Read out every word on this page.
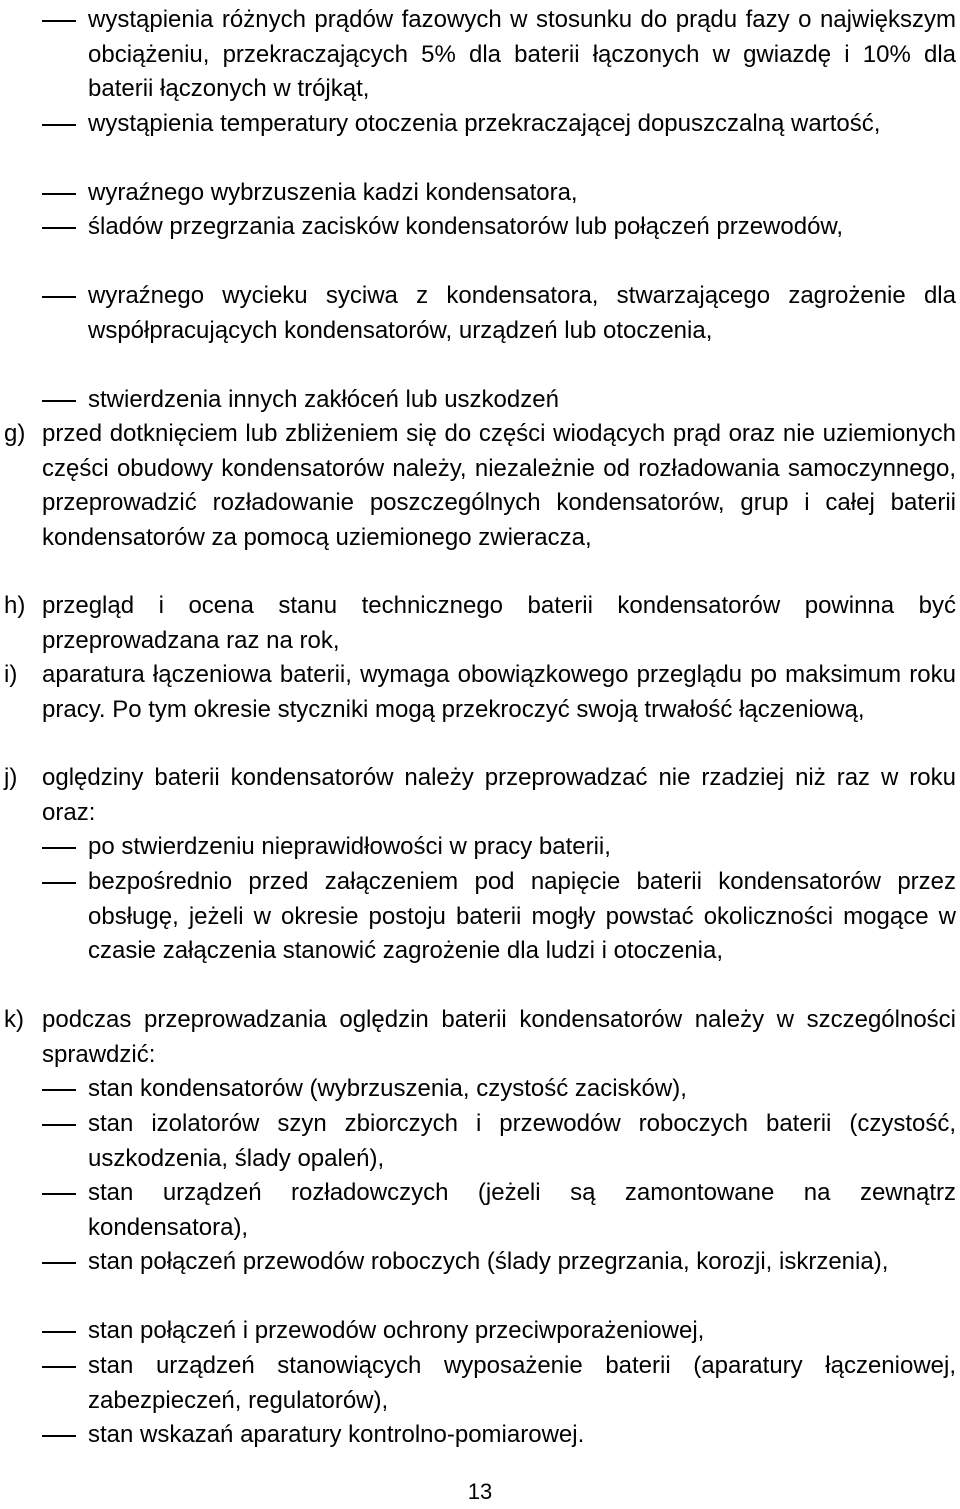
wystąpienia różnych prądów fazowych w stosunku do prądu fazy o największym obciążeniu, przekraczających 5% dla baterii łączonych w gwiazdę i 10% dla baterii łączonych w trójkąt,

wystąpienia temperatury otoczenia przekraczającej dopuszczalną wartość,

wyraźnego wybrzuszenia kadzi kondensatora,

śladów przegrzania zacisków kondensatorów lub połączeń przewodów,

wyraźnego wycieku syciwa z kondensatora, stwarzającego zagrożenie dla współpracujących kondensatorów, urządzeń lub otoczenia,

stwierdzenia innych zakłóceń lub uszkodzeń

g) przed dotknięciem lub zbliżeniem się do części wiodących prąd oraz nie uziemionych części obudowy kondensatorów należy, niezależnie od rozładowania samoczynnego, przeprowadzić rozładowanie poszczególnych kondensatorów, grup i całej baterii kondensatorów za pomocą uziemionego zwieracza,

h) przegląd i ocena stanu technicznego baterii kondensatorów powinna być przeprowadzana raz na rok,

i) aparatura łączeniowa baterii, wymaga obowiązkowego przeglądu po maksimum roku pracy. Po tym okresie styczniki mogą przekroczyć swoją trwałość łączeniową,

j) oględziny baterii kondensatorów należy przeprowadzać nie rzadziej niż raz w roku oraz:

po stwierdzeniu nieprawidłowości w pracy baterii,

bezpośrednio przed załączeniem pod napięcie baterii kondensatorów przez obsługę, jeżeli w okresie postoju baterii mogły powstać okoliczności mogące w czasie załączenia stanowić zagrożenie dla ludzi i otoczenia,

k) podczas przeprowadzania oględzin baterii kondensatorów należy w szczególności sprawdzić:

stan kondensatorów (wybrzuszenia, czystość zacisków),

stan izolatorów szyn zbiorczych i przewodów roboczych baterii (czystość, uszkodzenia, ślady opaleń),

stan urządzeń rozładowczych (jeżeli są zamontowane na zewnątrz kondensatora),

stan połączeń przewodów roboczych (ślady przegrzania, korozji, iskrzenia),

stan połączeń i przewodów ochrony przeciwporażeniowej,

stan urządzeń stanowiących wyposażenie baterii (aparatury łączeniowej, zabezpieczeń, regulatorów),

stan wskazań aparatury kontrolno-pomiarowej.

13
